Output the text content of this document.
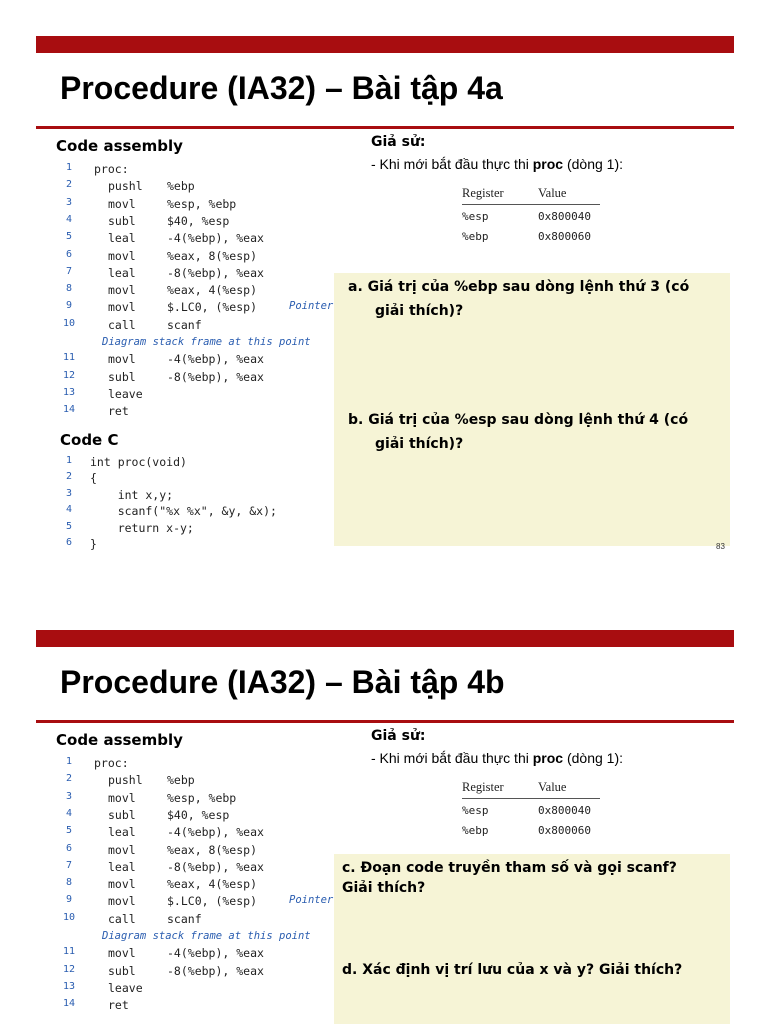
Procedure (IA32) – Bài tập 4a
Code assembly
1	proc:
2	pushl %ebp
3	movl	%esp, %ebp
4	subl	$40, %esp
5	leal	-4(%ebp), %eax
6	movl	%eax, 8(%esp)
7	leal	-8(%ebp), %eax
8	movl	%eax, 4(%esp)
9	movl	$.LC0, (%esp)	Pointer
10	call	scanf
Diagram stack frame at this point
11	movl	-4(%ebp), %eax
12	subl	-8(%ebp), %eax
13	leave
14	ret
Code C
1	int proc(void)
2	{
3	int x,y;
4	scanf("%x %x", &y, &x);
5	return x-y;
6	}
Giả sử:
- Khi mới bắt đầu thực thi proc (dòng 1):
Register	Value
%esp	0x800040
%ebp	0x800060
a. Giá trị của %ebp sau dòng lệnh thứ 3 (có
giải thích)?
b. Giá trị của %esp sau dòng lệnh thứ 4 (có
giải thích)?
83
Procedure (IA32) – Bài tập 4b
Code assembly
1	proc:
2	pushl %ebp
3	movl	%esp, %ebp
4	subl	$40, %esp
5	leal	-4(%ebp), %eax
6	movl	%eax, 8(%esp)
7	leal	-8(%ebp), %eax
8	movl	%eax, 4(%esp)
9	movl	$.LC0, (%esp)	Pointer
10	call	scanf
Diagram stack frame at this point
11	movl	-4(%ebp), %eax
12	subl	-8(%ebp), %eax
13	leave
14	ret
Giả sử:
- Khi mới bắt đầu thực thi proc (dòng 1):
Register	Value
%esp	0x800040
%ebp	0x800060
c. Đoạn code truyền tham số và gọi scanf?
Giải thích?
d. Xác định vị trí lưu của x và y? Giải thích?
